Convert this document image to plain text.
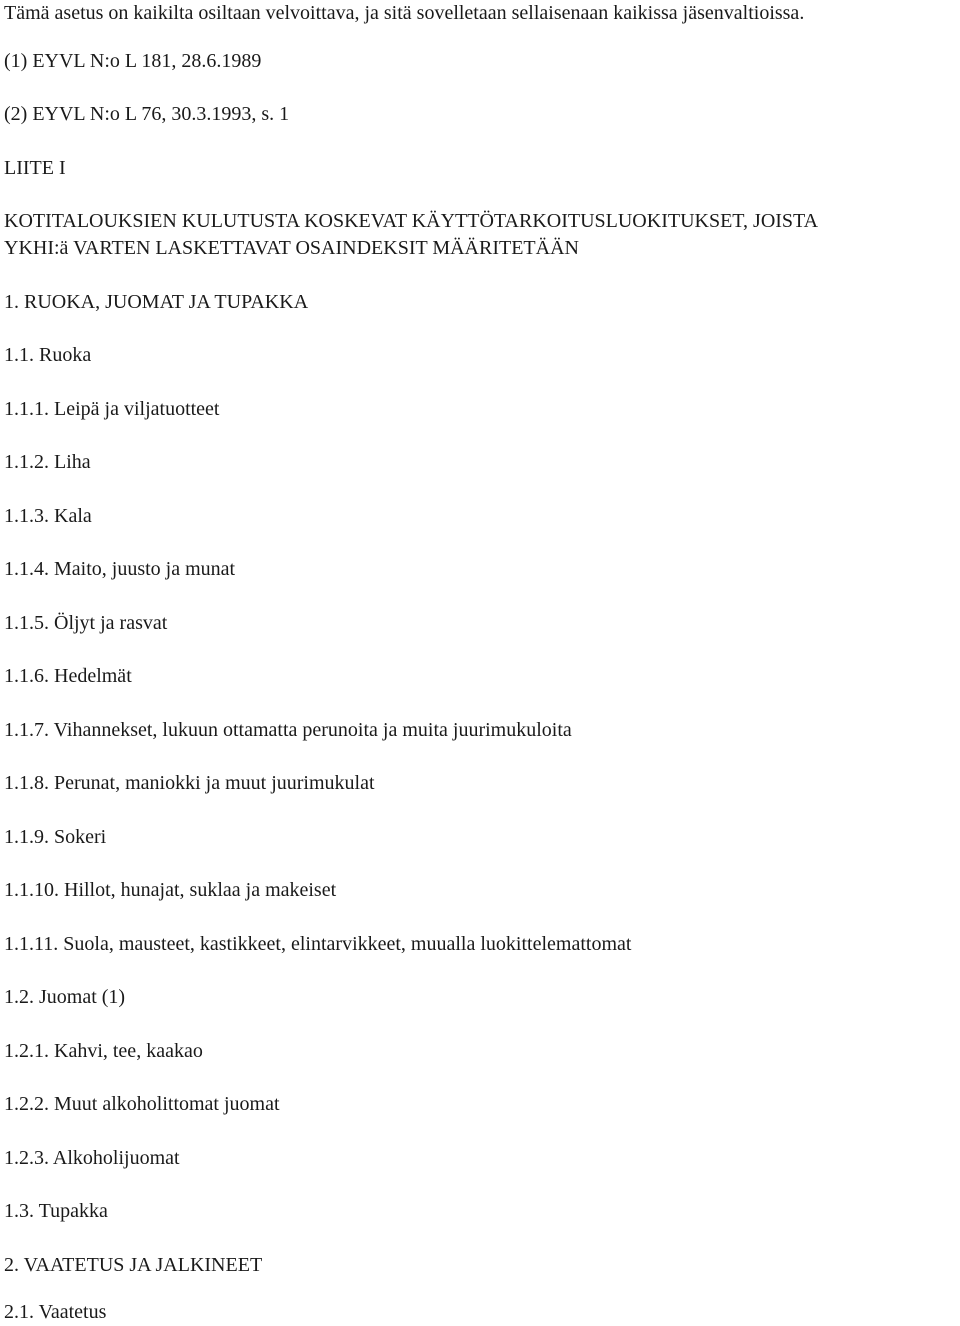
Tämä asetus on kaikilta osiltaan velvoittava, ja sitä sovelletaan sellaisenaan kaikissa jäsenvaltioissa.
(1) EYVL N:o L 181, 28.6.1989
(2) EYVL N:o L 76, 30.3.1993, s. 1
LIITE I
KOTITALOUKSIEN KULUTUSTA KOSKEVAT KÄYTTÖTARKOITUSLUOKITUKSET, JOISTA
YKHI:ä VARTEN LASKETTAVAT OSAINDEKSIT MÄÄRITETÄÄN
1. RUOKA, JUOMAT JA TUPAKKA
1.1. Ruoka
1.1.1. Leipä ja viljatuotteet
1.1.2. Liha
1.1.3. Kala
1.1.4. Maito, juusto ja munat
1.1.5. Öljyt ja rasvat
1.1.6. Hedelmät
1.1.7. Vihannekset, lukuun ottamatta perunoita ja muita juurimukuloita
1.1.8. Perunat, maniokki ja muut juurimukulat
1.1.9. Sokeri
1.1.10. Hillot, hunajat, suklaa ja makeiset
1.1.11. Suola, mausteet, kastikkeet, elintarvikkeet, muualla luokittelemattomat
1.2. Juomat (1)
1.2.1. Kahvi, tee, kaakao
1.2.2. Muut alkoholittomat juomat
1.2.3. Alkoholijuomat
1.3. Tupakka
2. VAATETUS JA JALKINEET
2.1. Vaatetus
